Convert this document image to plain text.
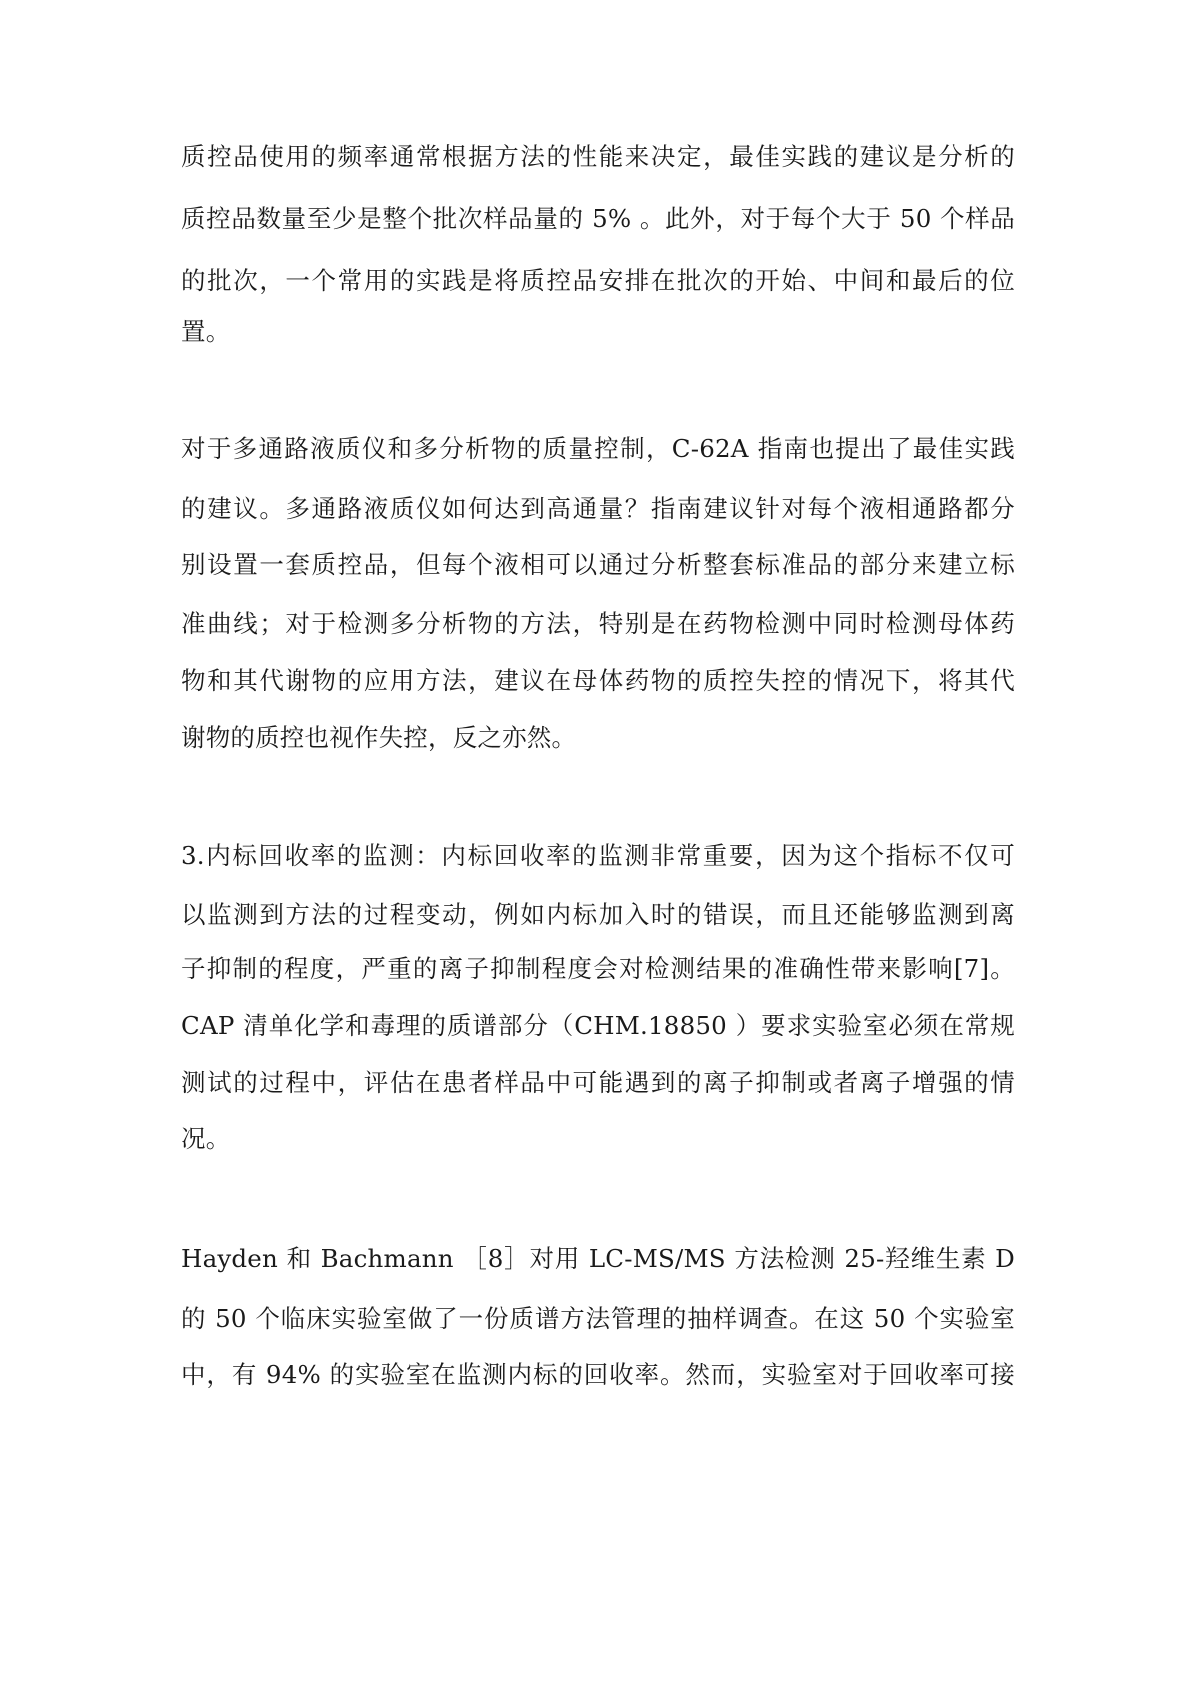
质控品使用的频率通常根据方法的性能来决定，最佳实践的建议是分析的
质控品数量至少是整个批次样品量的 5% 。此外，对于每个大于 50 个样品
的批次，一个常用的实践是将质控品安排在批次的开始、中间和最后的位
置。
对于多通路液质仪和多分析物的质量控制，C-62A 指南也提出了最佳实践
的建议。多通路液质仪如何达到高通量？指南建议针对每个液相通路都分
别设置一套质控品，但每个液相可以通过分析整套标准品的部分来建立标
准曲线；对于检测多分析物的方法，特别是在药物检测中同时检测母体药
物和其代谢物的应用方法，建议在母体药物的质控失控的情况下，将其代
谢物的质控也视作失控，反之亦然。
3.内标回收率的监测：内标回收率的监测非常重要，因为这个指标不仅可
以监测到方法的过程变动，例如内标加入时的错误，而且还能够监测到离
子抑制的程度，严重的离子抑制程度会对检测结果的准确性带来影响[7]。
CAP 清单化学和毒理的质谱部分（CHM.18850 ）要求实验室必须在常规
测试的过程中，评估在患者样品中可能遇到的离子抑制或者离子增强的情
况。
Hayden 和 Bachmann ［8］对用 LC-MS/MS 方法检测 25-羟维生素 D
的 50 个临床实验室做了一份质谱方法管理的抽样调查。在这 50 个实验室
中，有 94% 的实验室在监测内标的回收率。然而，实验室对于回收率可接
